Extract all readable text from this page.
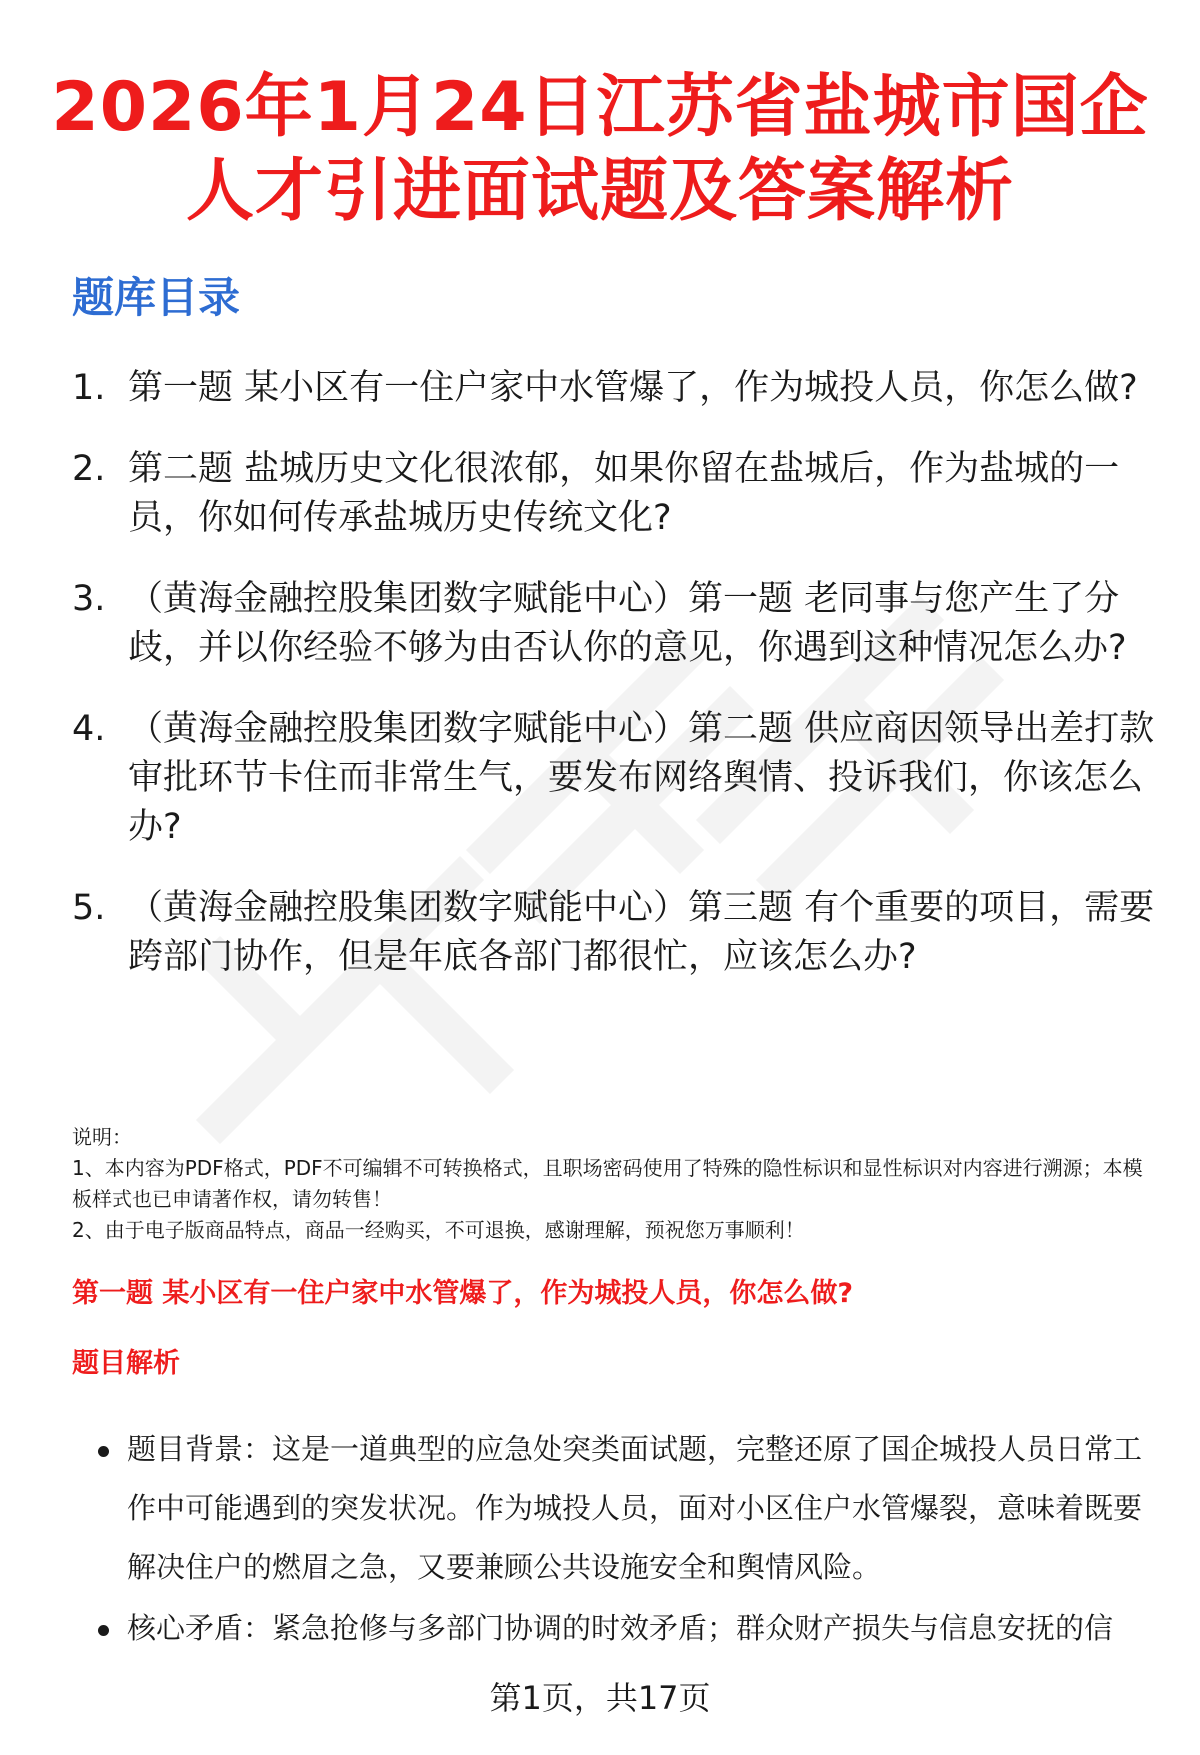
2026年1月24日江苏省盐城市国企人才引进面试题及答案解析
题库目录
1. 第一题 某小区有一住户家中水管爆了，作为城投人员，你怎么做?
2. 第二题 盐城历史文化很浓郁，如果你留在盐城后，作为盐城的一员，你如何传承盐城历史传统文化?
3. （黄海金融控股集团数字赋能中心）第一题 老同事与您产生了分歧，并以你经验不够为由否认你的意见，你遇到这种情况怎么办?
4. （黄海金融控股集团数字赋能中心）第二题 供应商因领导出差打款审批环节卡住而非常生气，要发布网络舆情、投诉我们，你该怎么办?
5. （黄海金融控股集团数字赋能中心）第三题 有个重要的项目，需要跨部门协作，但是年底各部门都很忙，应该怎么办?

说明：

1、本内容为PDF格式，PDF不可编辑不可转换格式，且职场密码使用了特殊的隐性标识和显性标识对内容进行溯源；本模板样式也已申请著作权，请勿转售！

2、由于电子版商品特点，商品一经购买，不可退换，感谢理解，预祝您万事顺利！

第一题 某小区有一住户家中水管爆了，作为城投人员，你怎么做?
题目解析
题目背景：这是一道典型的应急处突类面试题，完整还原了国企城投人员日常工作中可能遇到的突发状况。作为城投人员，面对小区住户水管爆裂，意味着既要解决住户的燃眉之急，又要兼顾公共设施安全和舆情风险。
核心矛盾：紧急抢修与多部门协调的时效矛盾；群众财产损失与信息安抚的信
第1页，共17页
